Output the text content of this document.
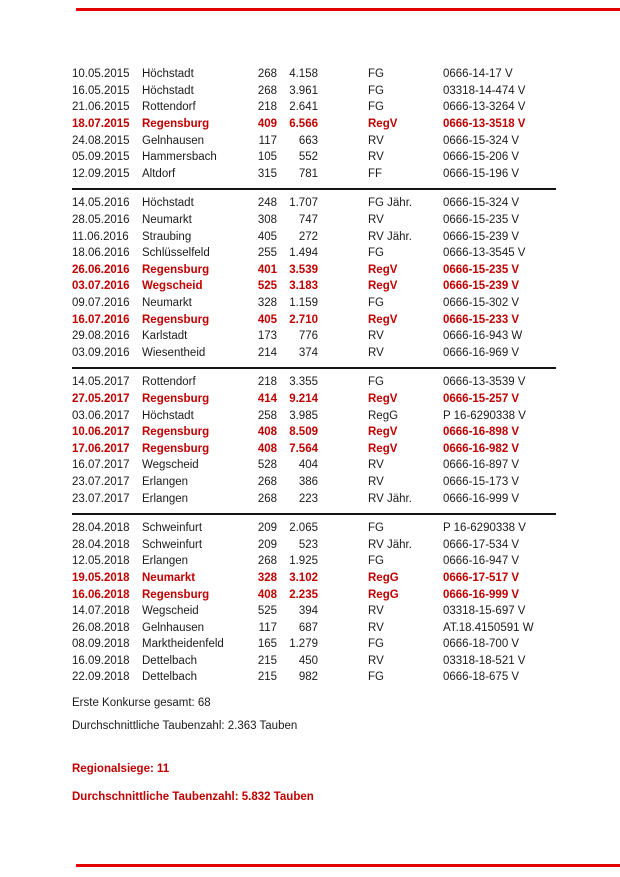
10.05.2015	Höchstadt	268	4.158	FG	0666-14-17 V
16.05.2015	Höchstadt	268	3.961	FG	03318-14-474 V
21.06.2015	Rottendorf	218	2.641	FG	0666-13-3264 V
18.07.2015	Regensburg	409	6.566	RegV	0666-13-3518 V
24.08.2015	Gelnhausen	117	663	RV	0666-15-324 V
05.09.2015	Hammersbach	105	552	RV	0666-15-206 V
12.09.2015	Altdorf	315	781	FF	0666-15-196 V
14.05.2016	Höchstadt	248	1.707	FG Jähr.	0666-15-324 V
28.05.2016	Neumarkt	308	747	RV	0666-15-235 V
11.06.2016	Straubing	405	272	RV Jähr.	0666-15-239 V
18.06.2016	Schlüsselfeld	255	1.494	FG	0666-13-3545 V
26.06.2016	Regensburg	401	3.539	RegV	0666-15-235 V
03.07.2016	Wegscheid	525	3.183	RegV	0666-15-239 V
09.07.2016	Neumarkt	328	1.159	FG	0666-15-302 V
16.07.2016	Regensburg	405	2.710	RegV	0666-15-233 V
29.08.2016	Karlstadt	173	776	RV	0666-16-943 W
03.09.2016	Wiesentheid	214	374	RV	0666-16-969 V
14.05.2017	Rottendorf	218	3.355	FG	0666-13-3539 V
27.05.2017	Regensburg	414	9.214	RegV	0666-15-257 V
03.06.2017	Höchstadt	258	3.985	RegG	P 16-6290338 V
10.06.2017	Regensburg	408	8.509	RegV	0666-16-898 V
17.06.2017	Regensburg	408	7.564	RegV	0666-16-982 V
16.07.2017	Wegscheid	528	404	RV	0666-16-897 V
23.07.2017	Erlangen	268	386	RV	0666-15-173 V
23.07.2017	Erlangen	268	223	RV Jähr.	0666-16-999 V
28.04.2018	Schweinfurt	209	2.065	FG	P 16-6290338 V
28.04.2018	Schweinfurt	209	523	RV Jähr.	0666-17-534 V
12.05.2018	Erlangen	268	1.925	FG	0666-16-947 V
19.05.2018	Neumarkt	328	3.102	RegG	0666-17-517 V
16.06.2018	Regensburg	408	2.235	RegG	0666-16-999 V
14.07.2018	Wegscheid	525	394	RV	03318-15-697 V
26.08.2018	Gelnhausen	117	687	RV	AT.18.4150591 W
08.09.2018	Marktheidenfeld	165	1.279	FG	0666-18-700 V
16.09.2018	Dettelbach	215	450	RV	03318-18-521 V
22.09.2018	Dettelbach	215	982	FG	0666-18-675 V

Erste Konkurse gesamt: 68

Durchschnittliche Taubenzahl: 2.363 Tauben

Regionalsiege: 11

Durchschnittliche Taubenzahl: 5.832 Tauben
